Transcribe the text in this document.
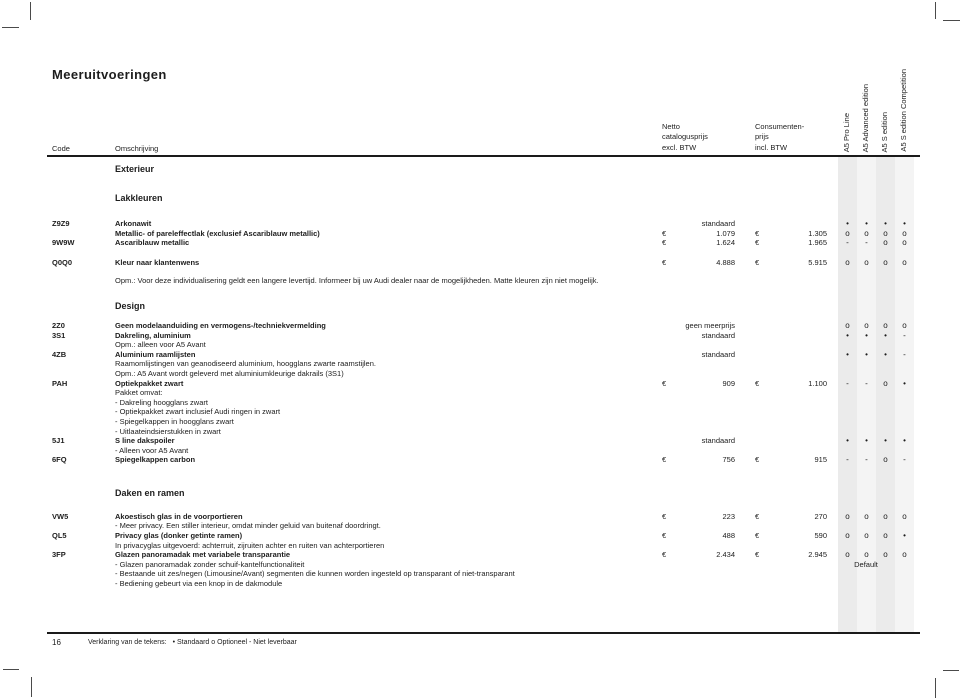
Meeruitvoeringen
Code	Omschrijving
Netto
catalogusprijs
excl. BTW
Consumenten-
prijs
incl. BTW	A5 Pro Line A5 Advanced edition A5 S edition A5 S edition Competition
Exterieur
Lakkleuren
Z9Z9	Arkonawit	standaard	•	•	•	•
Metallic- of pareleffectlak (exclusief Ascariblauw metallic)	€	1.079	€	1.305	o	o	o	o
9W9W	Ascariblauw metallic	€	1.624	€	1.965	-	-	o	o
Q0Q0	Kleur naar klantenwens	€	4.888	€	5.915	o	o	o	o
Opm.: Voor deze individualisering geldt een langere levertijd. Informeer bij uw Audi dealer naar de mogelijkheden. Matte kleuren zijn niet mogelijk.
Design
2Z0	Geen modelaanduiding en vermogens-/techniekvermelding	geen meerprijs	o	o	o	o
3S1	Dakreling, aluminium	standaard	•	•	•	-
Opm.: alleen voor A5 Avant
4ZB	Aluminium raamlijsten	standaard	•	•	•	-
Raamomlijstingen van geanodiseerd aluminium, hoogglans zwarte raamstijlen.
Opm.: A5 Avant wordt geleverd met aluminiumkleurige dakrails (3S1)
PAH	Optiekpakket zwart	€	909	€	1.100	-	-	o	•
Pakket omvat:
- Dakreling hoogglans zwart
- Optiekpakket zwart inclusief Audi ringen in zwart
- Spiegelkappen in hoogglans zwart
- Uitlaateindsierstukken in zwart
5J1	S line dakspoiler	standaard	•	•	•	•
- Alleen voor A5 Avant
6FQ	Spiegelkappen carbon	€	756	€	915	-	-	o	-
Daken en ramen
VW5	Akoestisch glas in de voorportieren	€	223	€	270	o	o	o	o
- Meer privacy. Een stiller interieur, omdat minder geluid van buitenaf doordringt.
QL5	Privacy glas (donker getinte ramen)	€	488	€	590	o	o	o	•
In privacyglas uitgevoerd: achterruit, zijruiten achter en ruiten van achterportieren
3FP	Glazen panoramadak met variabele transparantie	€	2.434	€	2.945	o	o	o	o
Default
- Glazen panoramadak zonder schuif-kantelfunctionaliteit
- Bestaande uit zes/negen (Limousine/Avant) segmenten die kunnen worden ingesteld op transparant of niet-transparant
- Bediening gebeurt via een knop in de dakmodule
16	Verklaring van de tekens: • Standaard o Optioneel - Niet leverbaar
